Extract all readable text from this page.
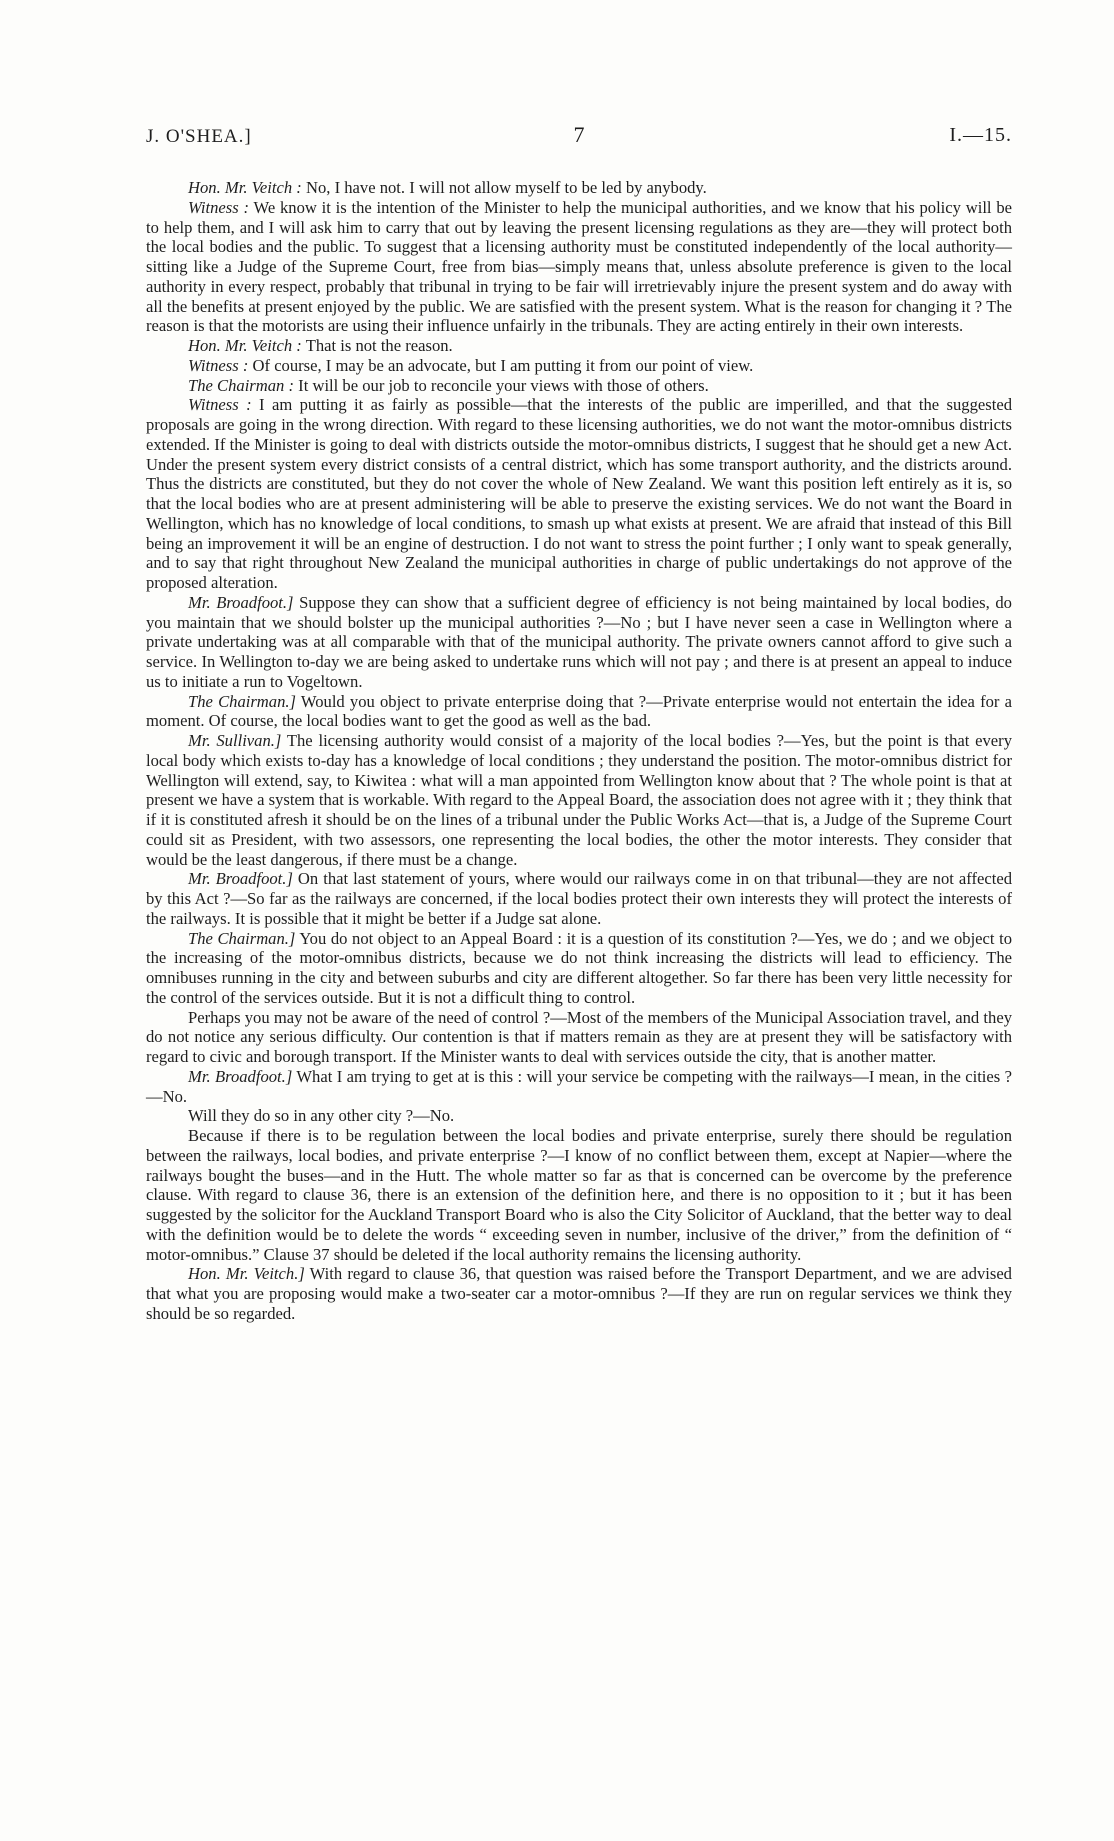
J. O'SHEA.]	7	I.—15.

Hon. Mr. Veitch : No, I have not. I will not allow myself to be led by anybody.

Witness : We know it is the intention of the Minister to help the municipal authorities, and we know that his policy will be to help them, and I will ask him to carry that out by leaving the present licensing regulations as they are—they will protect both the local bodies and the public. To suggest that a licensing authority must be constituted independently of the local authority—sitting like a Judge of the Supreme Court, free from bias—simply means that, unless absolute preference is given to the local authority in every respect, probably that tribunal in trying to be fair will irretrievably injure the present system and do away with all the benefits at present enjoyed by the public. We are satisfied with the present system. What is the reason for changing it ? The reason is that the motorists are using their influence unfairly in the tribunals. They are acting entirely in their own interests.

Hon. Mr. Veitch : That is not the reason.

Witness : Of course, I may be an advocate, but I am putting it from our point of view.

The Chairman : It will be our job to reconcile your views with those of others.

Witness : I am putting it as fairly as possible—that the interests of the public are imperilled, and that the suggested proposals are going in the wrong direction. With regard to these licensing authorities, we do not want the motor-omnibus districts extended. If the Minister is going to deal with districts outside the motor-omnibus districts, I suggest that he should get a new Act. Under the present system every district consists of a central district, which has some transport authority, and the districts around. Thus the districts are constituted, but they do not cover the whole of New Zealand. We want this position left entirely as it is, so that the local bodies who are at present administering will be able to preserve the existing services. We do not want the Board in Wellington, which has no knowledge of local conditions, to smash up what exists at present. We are afraid that instead of this Bill being an improvement it will be an engine of destruction. I do not want to stress the point further ; I only want to speak generally, and to say that right throughout New Zealand the municipal authorities in charge of public undertakings do not approve of the proposed alteration.

Mr. Broadfoot.] Suppose they can show that a sufficient degree of efficiency is not being maintained by local bodies, do you maintain that we should bolster up the municipal authorities ?—No ; but I have never seen a case in Wellington where a private undertaking was at all comparable with that of the municipal authority. The private owners cannot afford to give such a service. In Wellington to-day we are being asked to undertake runs which will not pay ; and there is at present an appeal to induce us to initiate a run to Vogeltown.

The Chairman.] Would you object to private enterprise doing that ?—Private enterprise would not entertain the idea for a moment. Of course, the local bodies want to get the good as well as the bad.

Mr. Sullivan.] The licensing authority would consist of a majority of the local bodies ?—Yes, but the point is that every local body which exists to-day has a knowledge of local conditions ; they understand the position. The motor-omnibus district for Wellington will extend, say, to Kiwitea : what will a man appointed from Wellington know about that ? The whole point is that at present we have a system that is workable. With regard to the Appeal Board, the association does not agree with it ; they think that if it is constituted afresh it should be on the lines of a tribunal under the Public Works Act—that is, a Judge of the Supreme Court could sit as President, with two assessors, one representing the local bodies, the other the motor interests. They consider that would be the least dangerous, if there must be a change.

Mr. Broadfoot.] On that last statement of yours, where would our railways come in on that tribunal—they are not affected by this Act ?—So far as the railways are concerned, if the local bodies protect their own interests they will protect the interests of the railways. It is possible that it might be better if a Judge sat alone.

The Chairman.] You do not object to an Appeal Board : it is a question of its constitution ?—Yes, we do ; and we object to the increasing of the motor-omnibus districts, because we do not think increasing the districts will lead to efficiency. The omnibuses running in the city and between suburbs and city are different altogether. So far there has been very little necessity for the control of the services outside. But it is not a difficult thing to control.

Perhaps you may not be aware of the need of control ?—Most of the members of the Municipal Association travel, and they do not notice any serious difficulty. Our contention is that if matters remain as they are at present they will be satisfactory with regard to civic and borough transport. If the Minister wants to deal with services outside the city, that is another matter.

Mr. Broadfoot.] What I am trying to get at is this : will your service be competing with the railways—I mean, in the cities ?—No.

Will they do so in any other city ?—No.

Because if there is to be regulation between the local bodies and private enterprise, surely there should be regulation between the railways, local bodies, and private enterprise ?—I know of no conflict between them, except at Napier—where the railways bought the buses—and in the Hutt. The whole matter so far as that is concerned can be overcome by the preference clause. With regard to clause 36, there is an extension of the definition here, and there is no opposition to it ; but it has been suggested by the solicitor for the Auckland Transport Board who is also the City Solicitor of Auckland, that the better way to deal with the definition would be to delete the words “ exceeding seven in number, inclusive of the driver,” from the definition of “ motor-omnibus.” Clause 37 should be deleted if the local authority remains the licensing authority.

Hon. Mr. Veitch.] With regard to clause 36, that question was raised before the Transport Department, and we are advised that what you are proposing would make a two-seater car a motor-omnibus ?—If they are run on regular services we think they should be so regarded.
